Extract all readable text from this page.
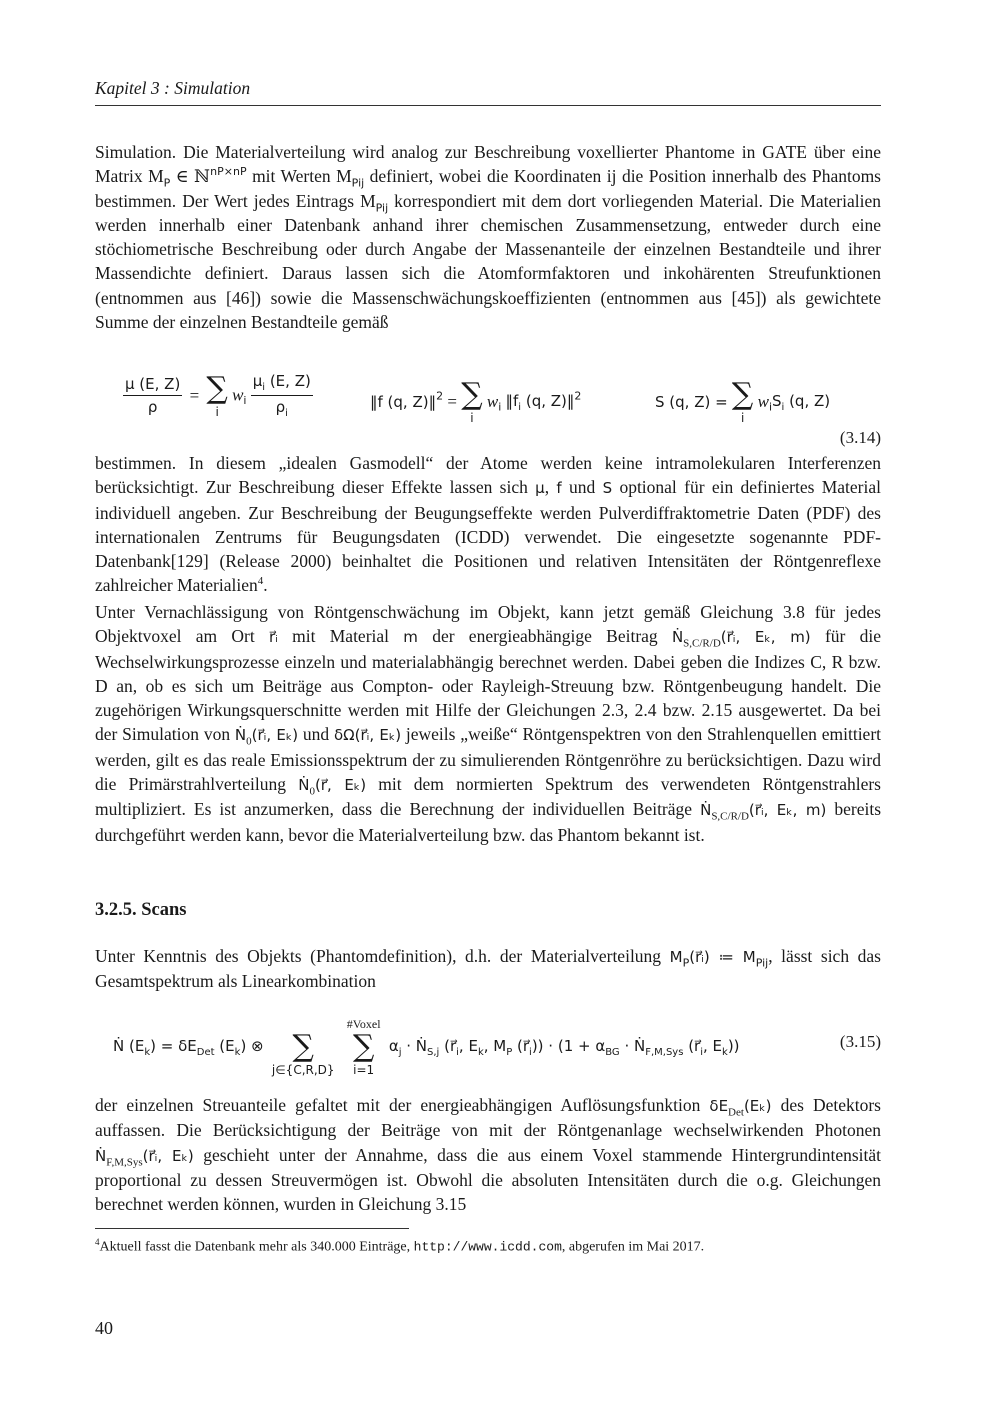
Kapitel 3 : Simulation
Simulation. Die Materialverteilung wird analog zur Beschreibung voxellierter Phantome in GATE über eine Matrix $M_P$ ∈ ℕ$^{nP\times nP}$ mit Werten $M_{Pij}$ definiert, wobei die Koordinaten ij die Position innerhalb des Phantoms bestimmen. Der Wert jedes Eintrags $M_{Pij}$ korrespondiert mit dem dort vorliegenden Material. Die Materialien werden innerhalb einer Datenbank anhand ihrer chemischen Zusammensetzung, entweder durch eine stöchiometrische Beschreibung oder durch Angabe der Massenanteile der einzelnen Bestandteile und ihrer Massendichte definiert. Daraus lassen sich die Atomformfaktoren und inkohärenten Streufunktionen (entnommen aus [46]) sowie die Massenschwächungskoeffizienten (entnommen aus [45]) als gewichtete Summe der einzelnen Bestandteile gemäß
$\frac{\mu (E, Z)}{\rho}$ = ∑
i
$w_i \frac{\mu_i (E, Z)}{\rho_i}$	‖f (q, Z)‖$^2$ = ∑
i
$w_i$ $‖f_i$ (q, Z)‖$^2$	S (q, Z) = ∑
i
$w_iS_i$ (q, Z)
(3.14)
bestimmen. In diesem „idealen Gasmodell“ der Atome werden keine intramolekularen Interferenzen berücksichtigt. Zur Beschreibung dieser Effekte lassen sich μ, f und S optional für ein definiertes Material individuell angeben. Zur Beschreibung der Beugungseffekte werden Pulverdiffraktometrie Daten (PDF) des internationalen Zentrums für Beugungsdaten (ICDD) verwendet. Die eingesetzte sogenannte PDF-Datenbank[129] (Release 2000) beinhaltet die Positionen und relativen Intensitäten der Röntgenreflexe zahlreicher Materialien$^4$.
Unter Vernachlässigung von Röntgenschwächung im Objekt, kann jetzt gemäß Gleichung 3.8 für jedes Objektvoxel am Ort r⃗ᵢ mit Material m der energieabhängige Beitrag Ṅ$_{S,C/R/D}$(r⃗ᵢ, Eₖ, m) für die Wechselwirkungsprozesse einzeln und materialabhängig berechnet werden. Dabei geben die Indizes C, R bzw. D an, ob es sich um Beiträge aus Compton- oder Rayleigh-Streuung bzw. Röntgenbeugung handelt. Die zugehörigen Wirkungsquerschnitte werden mit Hilfe der Gleichungen 2.3, 2.4 bzw. 2.15 ausgewertet. Da bei der Simulation von Ṅ$_0$(r⃗ᵢ, Eₖ) und δΩ(r⃗ᵢ, Eₖ) jeweils „weiße“ Röntgenspektren von den Strahlenquellen emittiert werden, gilt es das reale Emissionsspektrum der zu simulierenden Röntgenröhre zu berücksichtigen. Dazu wird die Primärstrahlverteilung Ṅ$_0$(r⃗, Eₖ) mit dem normierten Spektrum des verwendeten Röntgenstrahlers multipliziert. Es ist anzumerken, dass die Berechnung der individuellen Beiträge Ṅ$_{S,C/R/D}$(r⃗ᵢ, Eₖ, m) bereits durchgeführt werden kann, bevor die Materialverteilung bzw. das Phantom bekannt ist.
3.2.5. Scans
Unter Kenntnis des Objekts (Phantomdefinition), d.h. der Materialverteilung $M_P(r⃗ᵢ)$ ≔ $M_{Pij}$, lässt sich das Gesamtspektrum als Linearkombination
Ṅ $(E_k) = \delta E_{Det}$ $(E_k)$ ⊗
∑
j∈{C,R,D}

#Voxel
∑
i=1
$\alpha_j$ · Ṅ$_{S,j}$ ($r⃗_i$, $E_k$, $M_P$ $(r⃗_i)) \cdot (1 + \alpha_{BG}$ · Ṅ$_{F,M,Sys}$ ($r⃗_i$, $E_k$))	(3.15)
der einzelnen Streuanteile gefaltet mit der energieabhängigen Auflösungsfunktion $\delta E_{Det}(E_k)$ des Detektors auffassen. Die Berücksichtigung der Beiträge von mit der Röntgenanlage wechselwirkenden Photonen Ṅ$_{F,M,Sys}$(r⃗ᵢ, Eₖ) geschieht unter der Annahme, dass die aus einem Voxel stammende Hintergrundintensität proportional zu dessen Streuvermögen ist. Obwohl die absoluten Intensitäten durch die o.g. Gleichungen berechnet werden können, wurden in Gleichung 3.15
$^4$Aktuell fasst die Datenbank mehr als 340.000 Einträge, http://www.icdd.com, abgerufen im Mai 2017.
40
